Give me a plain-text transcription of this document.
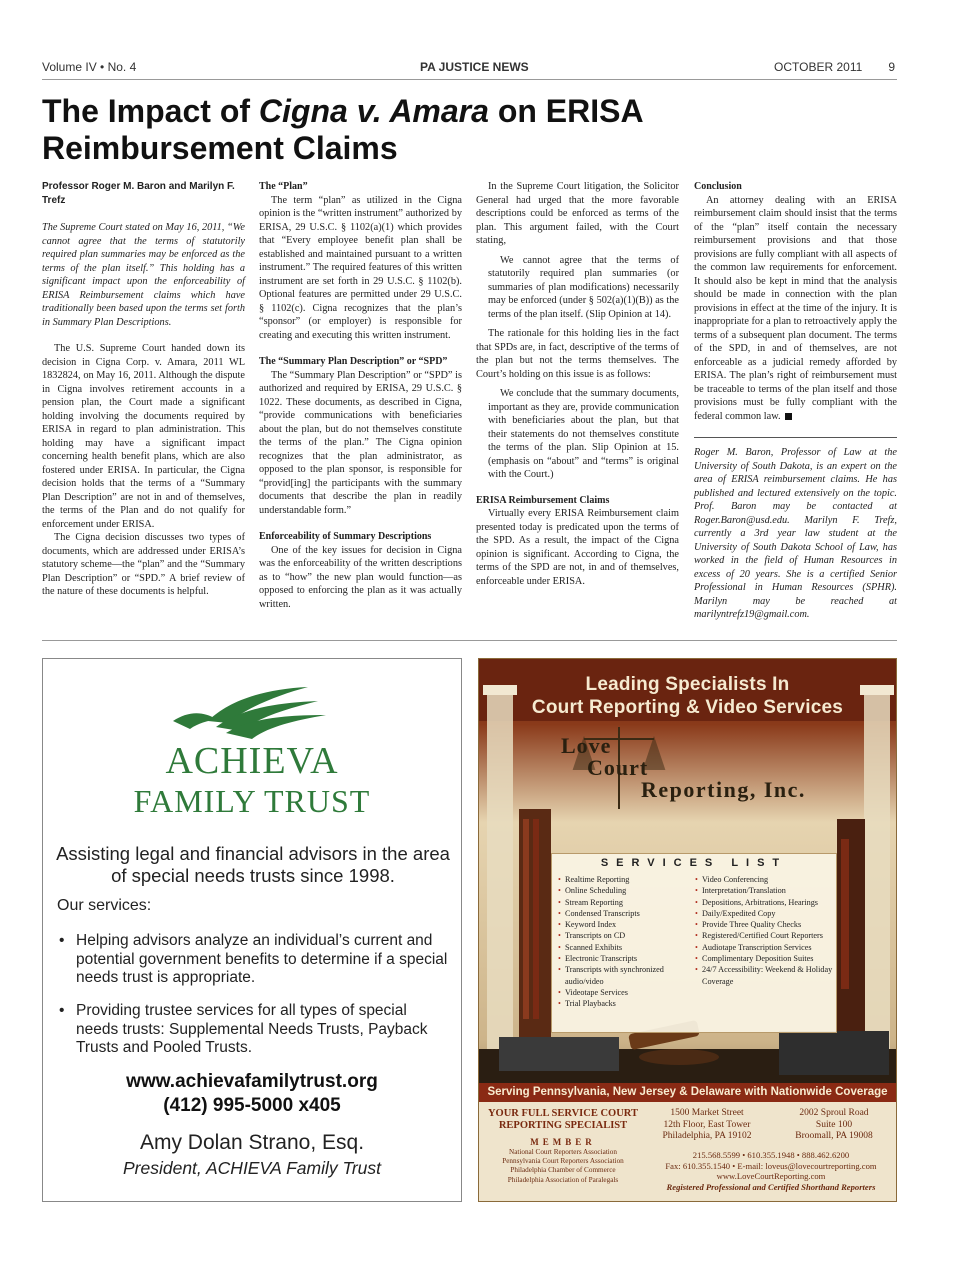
Volume IV • No. 4	PA JUSTICE NEWS	OCTOBER 2011 9
The Impact of Cigna v. Amara on ERISA Reimbursement Claims
Professor Roger M. Baron and Marilyn F. Trefz

The Supreme Court stated on May 16, 2011, “We cannot agree that the terms of statutorily required plan summaries may be enforced as the terms of the plan itself.” This holding has a significant impact upon the enforceability of ERISA Reimbursement claims which have traditionally been based upon the terms set forth in Summary Plan Descriptions.

The U.S. Supreme Court handed down its decision in Cigna Corp. v. Amara, 2011 WL 1832824, on May 16, 2011. Although the dispute in Cigna involves retirement accounts in a pension plan, the Court made a significant holding involving the documents required by ERISA in regard to plan administration. This holding may have a significant impact concerning health benefit plans, which are also fostered under ERISA. In particular, the Cigna decision holds that the terms of a “Summary Plan Description” are not in and of themselves, the terms of the Plan and do not qualify for enforcement under ERISA.

The Cigna decision discusses two types of documents, which are addressed under ERISA’s statutory scheme—the “plan” and the “Summary Plan Description” or “SPD.” A brief review of the nature of these documents is helpful.

The “Plan”

The term “plan” as utilized in the Cigna opinion is the “written instrument” authorized by ERISA, 29 U.S.C. § 1102(a)(1) which provides that “Every employee benefit plan shall be established and maintained pursuant to a written instrument.” The required features of this written instrument are set forth in 29 U.S.C. § 1102(b). Optional features are permitted under 29 U.S.C. § 1102(c). Cigna recognizes that the plan’s “sponsor” (or employer) is responsible for creating and executing this written instrument.

The “Summary Plan Description” or “SPD”

The “Summary Plan Description” or “SPD” is authorized and required by ERISA, 29 U.S.C. § 1022. These documents, as described in Cigna, “provide communications with beneficiaries about the plan, but do not themselves constitute the terms of the plan.” The Cigna opinion recognizes that the plan administrator, as opposed to the plan sponsor, is responsible for “provid[ing] the participants with the summary documents that describe the plan in readily understandable form.”

Enforceability of Summary Descriptions

One of the key issues for decision in Cigna was the enforceability of the written descriptions as to “how” the new plan would function—as opposed to enforcing the plan as it was actually written.

In the Supreme Court litigation, the Solicitor General had urged that the more favorable descriptions could be enforced as terms of the plan. This argument failed, with the Court stating,

We cannot agree that the terms of statutorily required plan summaries (or summaries of plan modifications) necessarily may be enforced (under § 502(a)(1)(B)) as the terms of the plan itself. (Slip Opinion at 14).

The rationale for this holding lies in the fact that SPDs are, in fact, descriptive of the terms of the plan but not the terms themselves. The Court’s holding on this issue is as follows:

We conclude that the summary documents, important as they are, provide communication with beneficiaries about the plan, but that their statements do not themselves constitute the terms of the plan. Slip Opinion at 15. (emphasis on “about” and “terms” is original with the Court.)

ERISA Reimbursement Claims

Virtually every ERISA Reimbursement claim presented today is predicated upon the terms of the SPD. As a result, the impact of the Cigna opinion is significant. According to Cigna, the terms of the SPD are not, in and of themselves, enforceable under ERISA.

Conclusion

An attorney dealing with an ERISA reimbursement claim should insist that the terms of the “plan” itself contain the necessary reimbursement provisions and that those provisions are fully compliant with all aspects of the common law requirements for enforcement. It should also be kept in mind that the analysis should be made in connection with the plan provisions in effect at the time of the injury. It is inappropriate for a plan to retroactively apply the terms of a subsequent plan document. The terms of the SPD, in and of themselves, are not enforceable as a judicial remedy afforded by ERISA. The plan’s right of reimbursement must be traceable to terms of the plan itself and those provisions must be fully compliant with the federal common law.

Roger M. Baron, Professor of Law at the University of South Dakota, is an expert on the area of ERISA reimbursement claims. He has published and lectured extensively on the topic. Prof. Baron may be contacted at Roger.Baron@usd.edu. Marilyn F. Trefz, currently a 3rd year law student at the University of South Dakota School of Law, has worked in the field of Human Resources in excess of 20 years. She is a certified Senior Professional in Human Resources (SPHR). Marilyn may be reached at marilyntrefz19@gmail.com.

ACHIEVA
FAMILY TRUST
Assisting legal and financial advisors in the area of special needs trusts since 1998.
Our services:
• Helping advisors analyze an individual’s current and potential government benefits to determine if a special needs trust is appropriate.
• Providing trustee services for all types of special needs trusts: Supplemental Needs Trusts, Payback Trusts and Pooled Trusts.
www.achievafamilytrust.org
(412) 995-5000 x405
Amy Dolan Strano, Esq.
President, ACHIEVA Family Trust
Leading Specialists In
Court Reporting & Video Services
Love
Court
Reporting, Inc.
SERVICES LIST
• Realtime Reporting
• Online Scheduling
• Stream Reporting
• Condensed Transcripts
• Keyword Index
• Transcripts on CD
• Scanned Exhibits
• Electronic Transcripts
• Transcripts with synchronized audio/video
• Videotape Services
• Trial Playbacks
• Video Conferencing
• Interpretation/Translation
• Depositions, Arbitrations, Hearings
• Daily/Expedited Copy
• Provide Three Quality Checks
• Registered/Certified Court Reporters
• Audiotape Transcription Services
• Complimentary Deposition Suites
• 24/7 Accessibility: Weekend & Holiday Coverage
Serving Pennsylvania, New Jersey & Delaware with Nationwide Coverage
YOUR FULL SERVICE COURT REPORTING SPECIALIST
MEMBER
National Court Reporters Association
Pennsylvania Court Reporters Association
Philadelphia Chamber of Commerce
Philadelphia Association of Paralegals
1500 Market Street
12th Floor, East Tower
Philadelphia, PA 19102
2002 Sproul Road
Suite 100
Broomall, PA 19008
215.568.5599 • 610.355.1948 • 888.462.6200
Fax: 610.355.1540 • E-mail: loveus@lovecourtreporting.com
www.LoveCourtReporting.com
Registered Professional and Certified Shorthand Reporters
